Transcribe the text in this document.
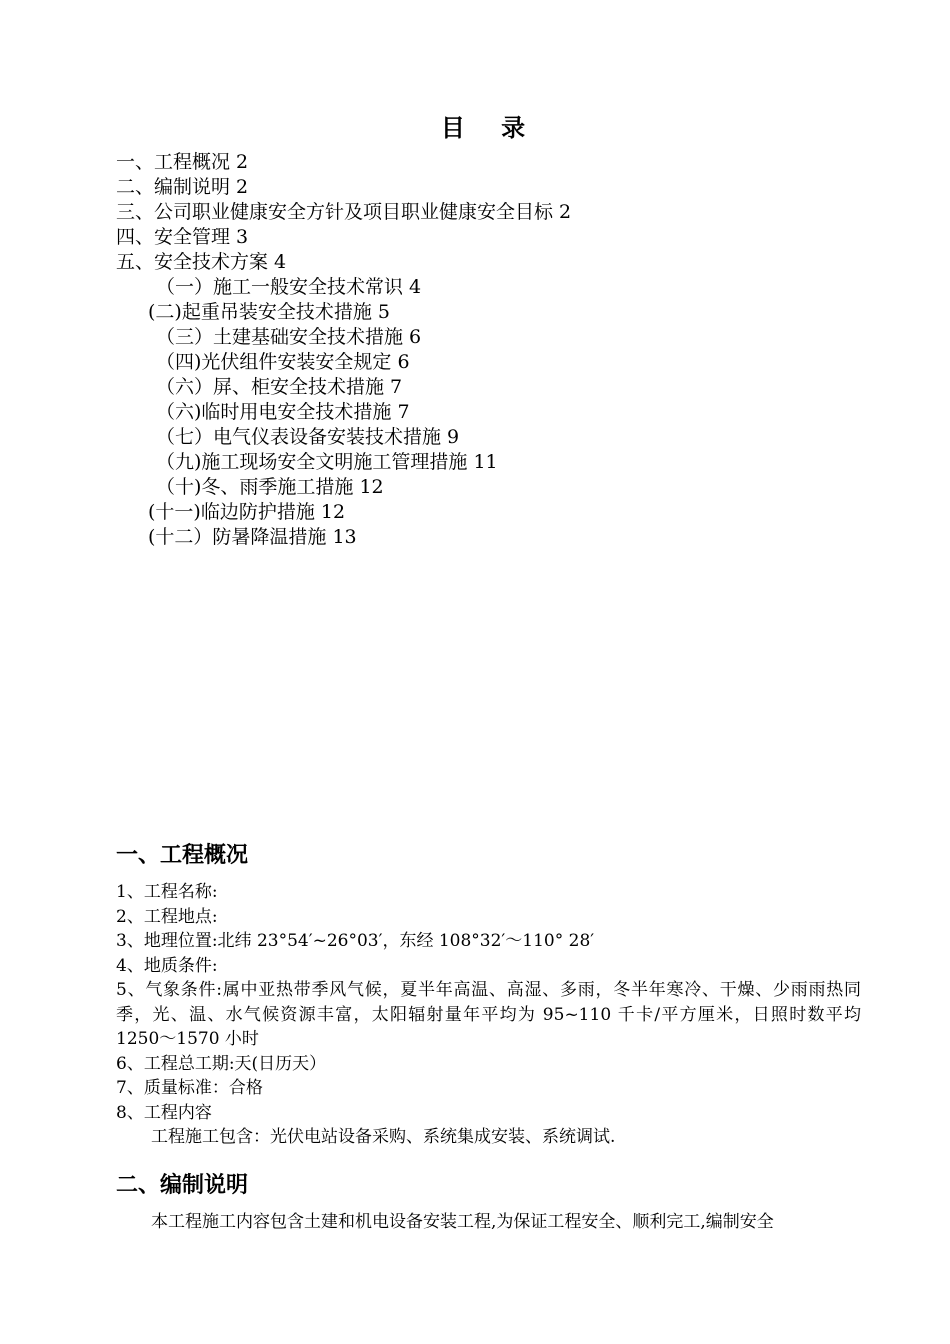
目 录
一、工程概况 2
二、编制说明 2
三、公司职业健康安全方针及项目职业健康安全目标 2
四、安全管理 3
五、安全技术方案 4
（一）施工一般安全技术常识 4
(二)起重吊装安全技术措施 5
（三）土建基础安全技术措施 6
（四)光伏组件安装安全规定 6
（六）屏、柜安全技术措施 7
（六)临时用电安全技术措施 7
（七）电气仪表设备安装技术措施 9
（九)施工现场安全文明施工管理措施 11
（十)冬、雨季施工措施 12
(十一)临边防护措施 12
(十二）防暑降温措施 13
一、工程概况
1、工程名称:
2、工程地点:
3、地理位置:北纬 23°54′~26°03′，东经 108°32′～110° 28′
4、地质条件:
5、气象条件:属中亚热带季风气候，夏半年高温、高湿、多雨，冬半年寒冷、干燥、少雨雨热同季，光、温、水气候资源丰富，太阳辐射量年平均为 95~110 千卡/平方厘米，日照时数平均 1250～1570 小时
6、工程总工期:天(日历天）
7、质量标准：合格
8、工程内容
工程施工包含：光伏电站设备采购、系统集成安装、系统调试.
二、编制说明
本工程施工内容包含土建和机电设备安装工程,为保证工程安全、顺利完工,编制安全
